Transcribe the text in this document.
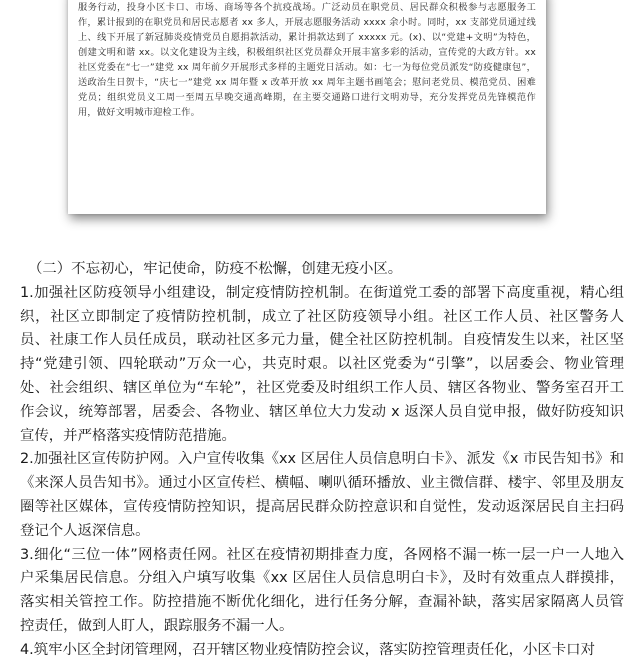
服务行动，投身小区卡口、市场、商场等各个抗疫战场。广泛动员在职党员、居民群众积极参与志愿服务工作，累计报到的在职党员和居民志愿者 xx 多人，开展志愿服务活动 xxxx 余小时。同时，xx 支部党员通过线上、线下开展了新冠肺炎疫情党员自愿捐款活动，累计捐款达到了 xxxxx 元。(x)、以“党建+文明”为特色，创建文明和谐 xx。以文化建设为主线，积极组织社区党员群众开展丰富多彩的活动，宣传党的大政方针。xx 社区党委在“七一”建党 xx 周年前夕开展形式多样的主题党日活动。如：七一为每位党员派发“防疫健康包”，送政治生日贺卡，“庆七一”建党 xx 周年暨 x 改革开放 xx 周年主题书画笔会；慰问老党员、模范党员、困难党员；组织党员义工周一至周五早晚交通高峰期，在主要交通路口进行文明劝导，充分发挥党员先锋模范作用，做好文明城市迎检工作。

（二）不忘初心，牢记使命，防疫不松懈，创建无疫小区。

1.加强社区防疫领导小组建设，制定疫情防控机制。在街道党工委的部署下高度重视，精心组织，社区立即制定了疫情防控机制，成立了社区防疫领导小组。社区工作人员、社区警务人员、社康工作人员任成员，联动社区多元力量，健全社区防控机制。自疫情发生以来，社区坚持“党建引领、四轮联动”万众一心，共克时艰。以社区党委为“引擎”，以居委会、物业管理处、社会组织、辖区单位为“车轮”，社区党委及时组织工作人员、辖区各物业、警务室召开工作会议，统筹部署，居委会、各物业、辖区单位大力发动 x 返深人员自觉申报，做好防疫知识宣传，并严格落实疫情防范措施。

2.加强社区宣传防护网。入户宣传收集《xx 区居住人员信息明白卡》、派发《x 市民告知书》和《来深人员告知书》。通过小区宣传栏、横幅、喇叭循环播放、业主微信群、楼宇、邻里及朋友圈等社区媒体，宣传疫情防控知识，提高居民群众防控意识和自觉性，发动返深居民自主扫码登记个人返深信息。

3.细化“三位一体”网格责任网。社区在疫情初期排查力度，各网格不漏一栋一层一户一人地入户采集居民信息。分组入户填写收集《xx 区居住人员信息明白卡》，及时有效重点人群摸排，落实相关管控工作。防控措施不断优化细化，进行任务分解，查漏补缺，落实居家隔离人员管控责任，做到人盯人，跟踪服务不漏一人。

4.筑牢小区全封闭管理网，召开辖区物业疫情防控会议，落实防控管理责任化，小区卡口对
